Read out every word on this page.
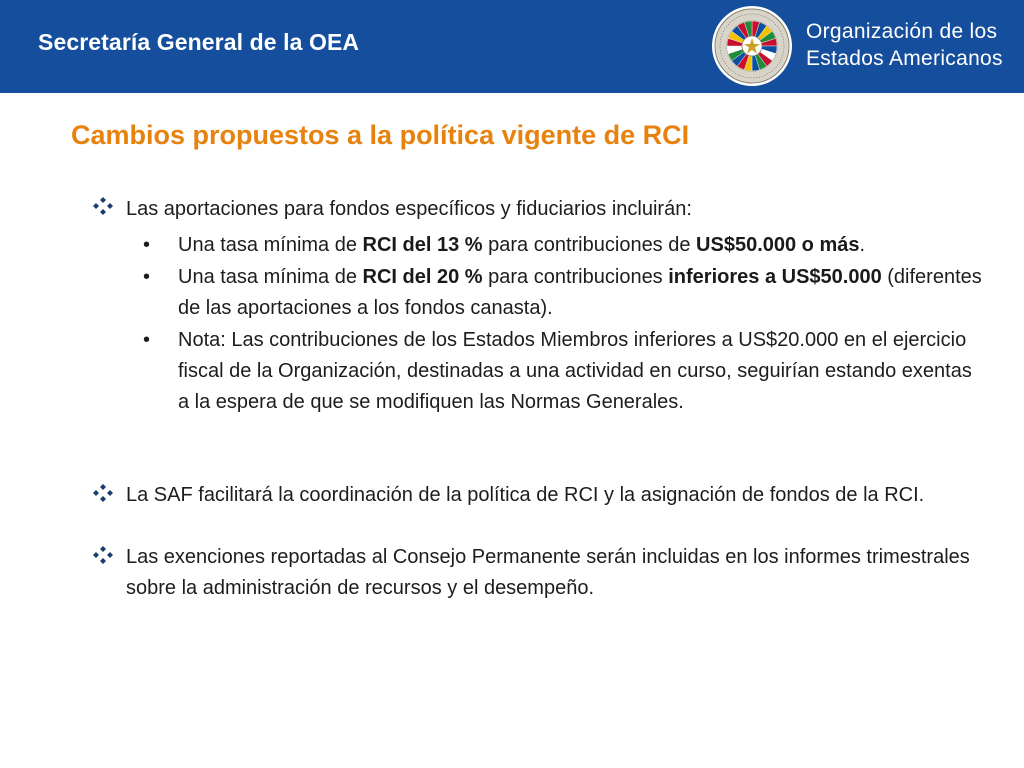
Secretaría General de la OEA	Organización de los
Estados Americanos
Cambios propuestos a la política vigente de RCI
Las aportaciones para fondos específicos y fiduciarios incluirán:
• Una tasa mínima de RCI del 13 % para contribuciones de US$50.000 o más.
• Una tasa mínima de RCI del 20 % para contribuciones inferiores a US$50.000 (diferentes de las aportaciones a los fondos canasta).
• Nota: Las contribuciones de los Estados Miembros inferiores a US$20.000 en el ejercicio fiscal de la Organización, destinadas a una actividad en curso, seguirían estando exentas a la espera de que se modifiquen las Normas Generales.
La SAF facilitará la coordinación de la política de RCI y la asignación de fondos de la RCI.
Las exenciones reportadas al Consejo Permanente serán incluidas en los informes trimestrales sobre la administración de recursos y el desempeño.
